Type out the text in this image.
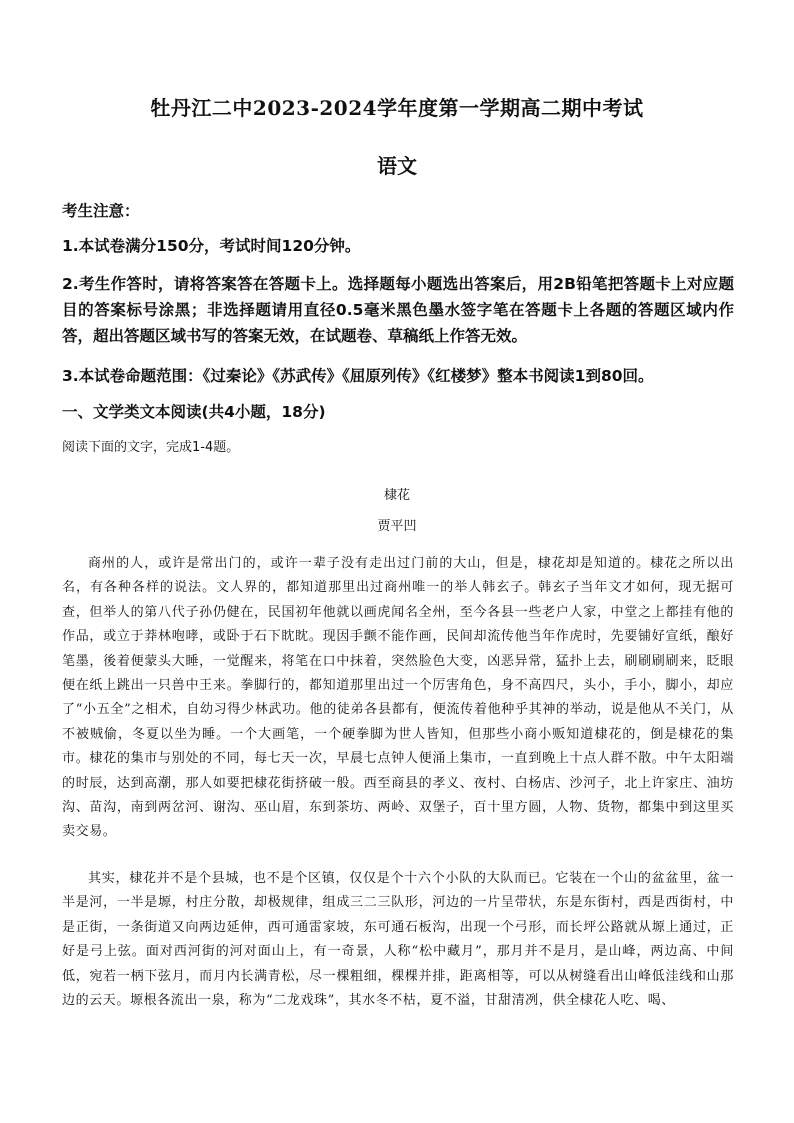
牡丹江二中2023-2024学年度第一学期高二期中考试
语文

考生注意：

1.本试卷满分150分，考试时间120分钟。

2.考生作答时，请将答案答在答题卡上。选择题每小题选出答案后，用2B铅笔把答题卡上对应题目的答案标号涂黑；非选择题请用直径0.5毫米黑色墨水签字笔在答题卡上各题的答题区域内作答，超出答题区域书写的答案无效，在试题卷、草稿纸上作答无效。

3.本试卷命题范围：《过秦论》《苏武传》《屈原列传》《红楼梦》整本书阅读1到80回。

一、文学类文本阅读(共4小题，18分)

阅读下面的文字，完成1-4题。

棣花
贾平凹

商州的人，或许是常出门的，或许一辈子没有走出过门前的大山，但是，棣花却是知道的。棣花之所以出名，有各种各样的说法。文人界的，都知道那里出过商州唯一的举人韩玄子。韩玄子当年文才如何，现无据可查，但举人的第八代子孙仍健在，民国初年他就以画虎闻名全州，至今各县一些老户人家，中堂之上都挂有他的作品，或立于莽林咆哮，或卧于石下眈眈。现因手颤不能作画，民间却流传他当年作虎时，先要铺好宣纸，酿好笔墨，後着便蒙头大睡，一觉醒来，将笔在口中抹着，突然脸色大变，凶恶异常，猛扑上去，刷刷刷刷来，眨眼便在纸上跳出一只兽中王来。拳脚行的，都知道那里出过一个厉害角色，身不高四尺，头小，手小，脚小，却应了“小五全”之相术，自幼习得少林武功。他的徒弟各县都有，便流传着他种乎其神的举动，说是他从不关门，从不被贼偷，冬夏以坐为睡。一个大画笔，一个硬拳脚为世人皆知，但那些小商小贩知道棣花的，倒是棣花的集市。棣花的集市与别处的不同，每七天一次，早晨七点钟人便涌上集市，一直到晚上十点人群不散。中午太阳端的时辰，达到高潮，那人如要把棣花街挤破一般。西至商县的孝义、夜村、白杨店、沙河子，北上许家庄、油坊沟、苗沟，南到两岔河、谢沟、巫山眉，东到茶坊、两岭、双堡子，百十里方圆，人物、货物，都集中到这里买卖交易。

其实，棣花并不是个县城，也不是个区镇，仅仅是个十六个小队的大队而已。它装在一个山的盆盆里，盆一半是河，一半是塬，村庄分散，却极规律，组成三二三队形，河边的一片呈带状，东是东街村，西是西街村，中是正街，一条街道又向两边延伸，西可通雷家坡，东可通石板沟，出现一个弓形，而长坪公路就从塬上通过，正好是弓上弦。面对西河街的河对面山上，有一奇景，人称“松中藏月”，那月并不是月，是山峰，两边高、中间低，宛若一柄下弦月，而月内长满青松，尽一棵粗细，棵棵并排，距离相等，可以从树缝看出山峰低洼线和山那边的云天。塬根各流出一泉，称为“二龙戏珠”，其水冬不枯，夏不溢，甘甜清冽，供全棣花人吃、喝、
